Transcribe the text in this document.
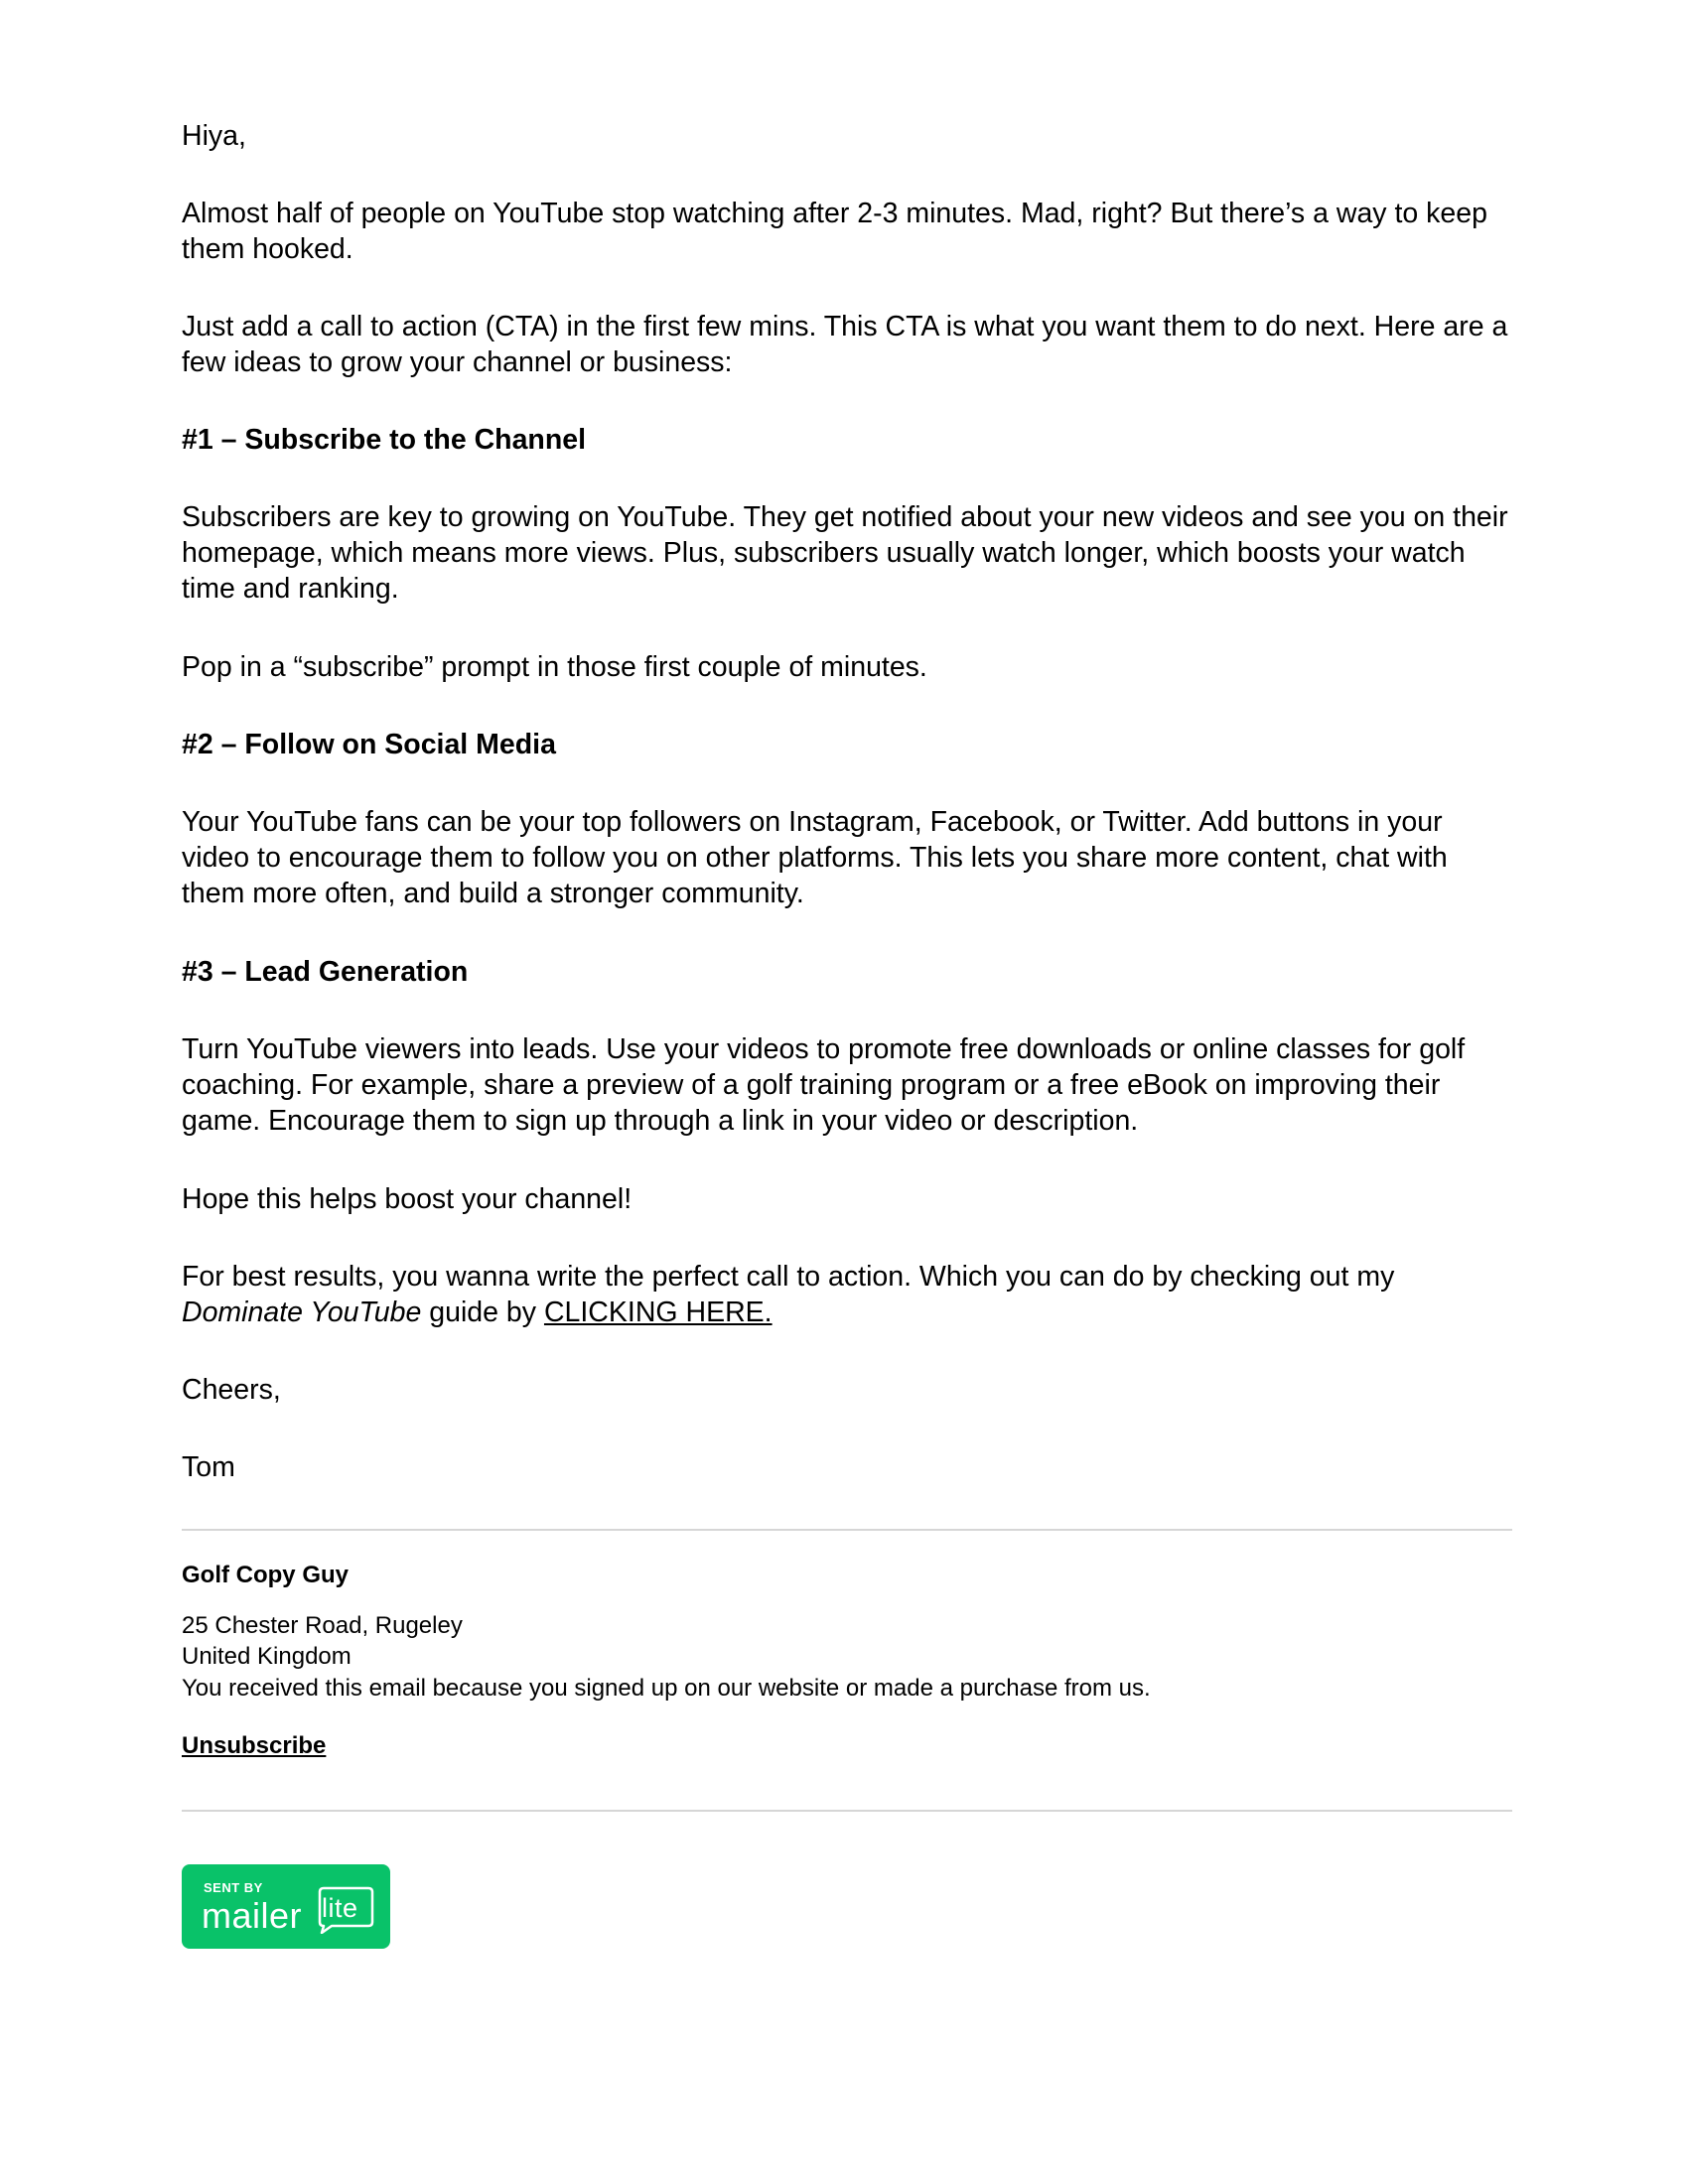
Hiya,

Almost half of people on YouTube stop watching after 2-3 minutes. Mad, right? But there’s a way to keep them hooked.

Just add a call to action (CTA) in the first few mins. This CTA is what you want them to do next. Here are a few ideas to grow your channel or business:

#1 – Subscribe to the Channel

Subscribers are key to growing on YouTube. They get notified about your new videos and see you on their homepage, which means more views. Plus, subscribers usually watch longer, which boosts your watch time and ranking.

Pop in a “subscribe” prompt in those first couple of minutes.

#2 – Follow on Social Media

Your YouTube fans can be your top followers on Instagram, Facebook, or Twitter. Add buttons in your video to encourage them to follow you on other platforms. This lets you share more content, chat with them more often, and build a stronger community.

#3 – Lead Generation

Turn YouTube viewers into leads. Use your videos to promote free downloads or online classes for golf coaching. For example, share a preview of a golf training program or a free eBook on improving their game. Encourage them to sign up through a link in your video or description.

Hope this helps boost your channel!

For best results, you wanna write the perfect call to action. Which you can do by checking out my Dominate YouTube guide by CLICKING HERE.

Cheers,

Tom

Golf Copy Guy

25 Chester Road, Rugeley

United Kingdom

You received this email because you signed up on our website or made a purchase from us.

Unsubscribe

SENT BY
mailer lite
